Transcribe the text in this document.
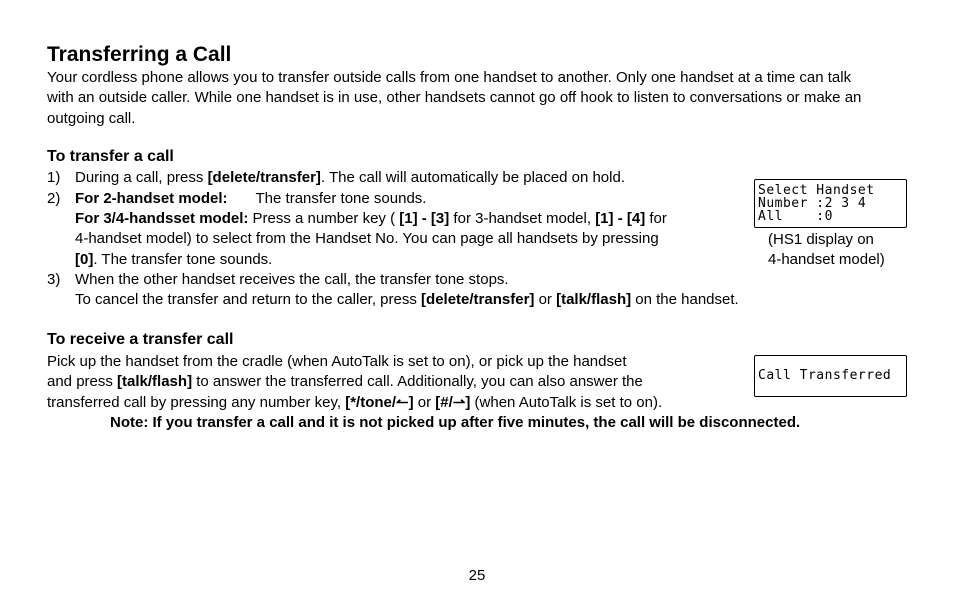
Transferring a Call

Your cordless phone allows you to transfer outside calls from one handset to another. Only one handset at a time can talk with an outside caller. While one handset is in use, other handsets cannot go off hook to listen to conversations or make an outgoing call.

To transfer a call
1) During a call, press [delete/transfer]. The call will automatically be placed on hold.
2) For 2-handset model: The transfer tone sounds.
For 3/4-handsset model: Press a number key ( [1] - [3] for 3-handset model, [1] - [4] for
4-handset model) to select from the Handset No. You can page all handsets by pressing
[0]. The transfer tone sounds.
3) When the other handset receives the call, the transfer tone stops.
To cancel the transfer and return to the caller, press [delete/transfer] or [talk/flash] on the handset.
Select Handset
Number :2 3 4
All    :0
(HS1 display on
4-handset model)
To receive a transfer call
Pick up the handset from the cradle (when AutoTalk is set to on), or pick up the handset
and press [talk/flash] to answer the transferred call. Additionally, you can also answer the
transferred call by pressing any number key, [*/tone/↼] or [#/⇀] (when AutoTalk is set to on).
Call Transferred
Note: If you transfer a call and it is not picked up after five minutes, the call will be disconnected.
25
